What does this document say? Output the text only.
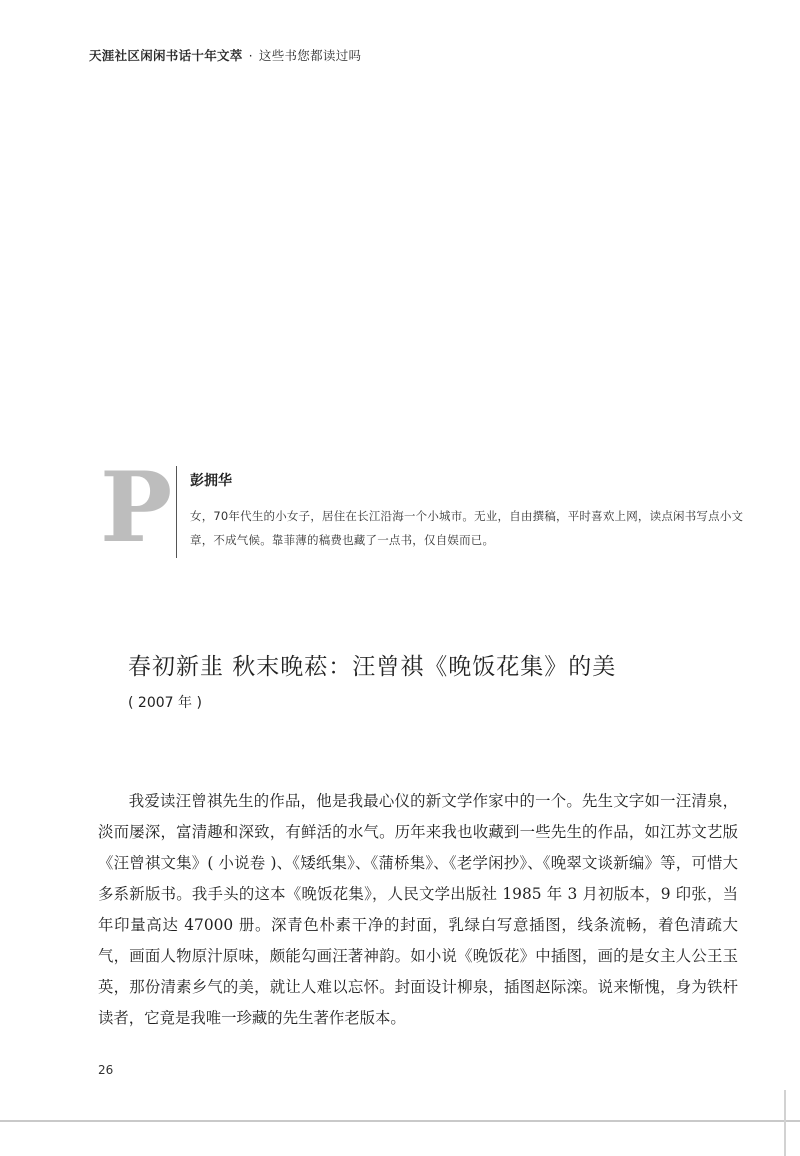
天涯社区闲闲书话十年文萃 · 这些书您都读过吗
P 彭拥华
女，70年代生的小女子，居住在长江沿海一个小城市。无业，自由撰稿，平时喜欢上网，读点闲书写点小文章，不成气候。靠菲薄的稿费也藏了一点书，仅自娱而已。
春初新韭 秋末晚菘：汪曾祺《晚饭花集》的美
( 2007 年 )

我爱读汪曾祺先生的作品，他是我最心仪的新文学作家中的一个。先生文字如一汪清泉，淡而屡深，富清趣和深致，有鲜活的水气。历年来我也收藏到一些先生的作品，如江苏文艺版《汪曾祺文集》( 小说卷 )、《矮纸集》、《蒲桥集》、《老学闲抄》、《晚翠文谈新编》等，可惜大多系新版书。我手头的这本《晚饭花集》，人民文学出版社 1985 年 3 月初版本，9 印张，当年印量高达 47000 册。深青色朴素干净的封面，乳绿白写意插图，线条流畅，着色清疏大气，画面人物原汁原味，颇能勾画汪著神韵。如小说《晚饭花》中插图，画的是女主人公王玉英，那份清素乡气的美，就让人难以忘怀。封面设计柳泉，插图赵际滦。说来惭愧，身为铁杆读者，它竟是我唯一珍藏的先生著作老版本。

26
